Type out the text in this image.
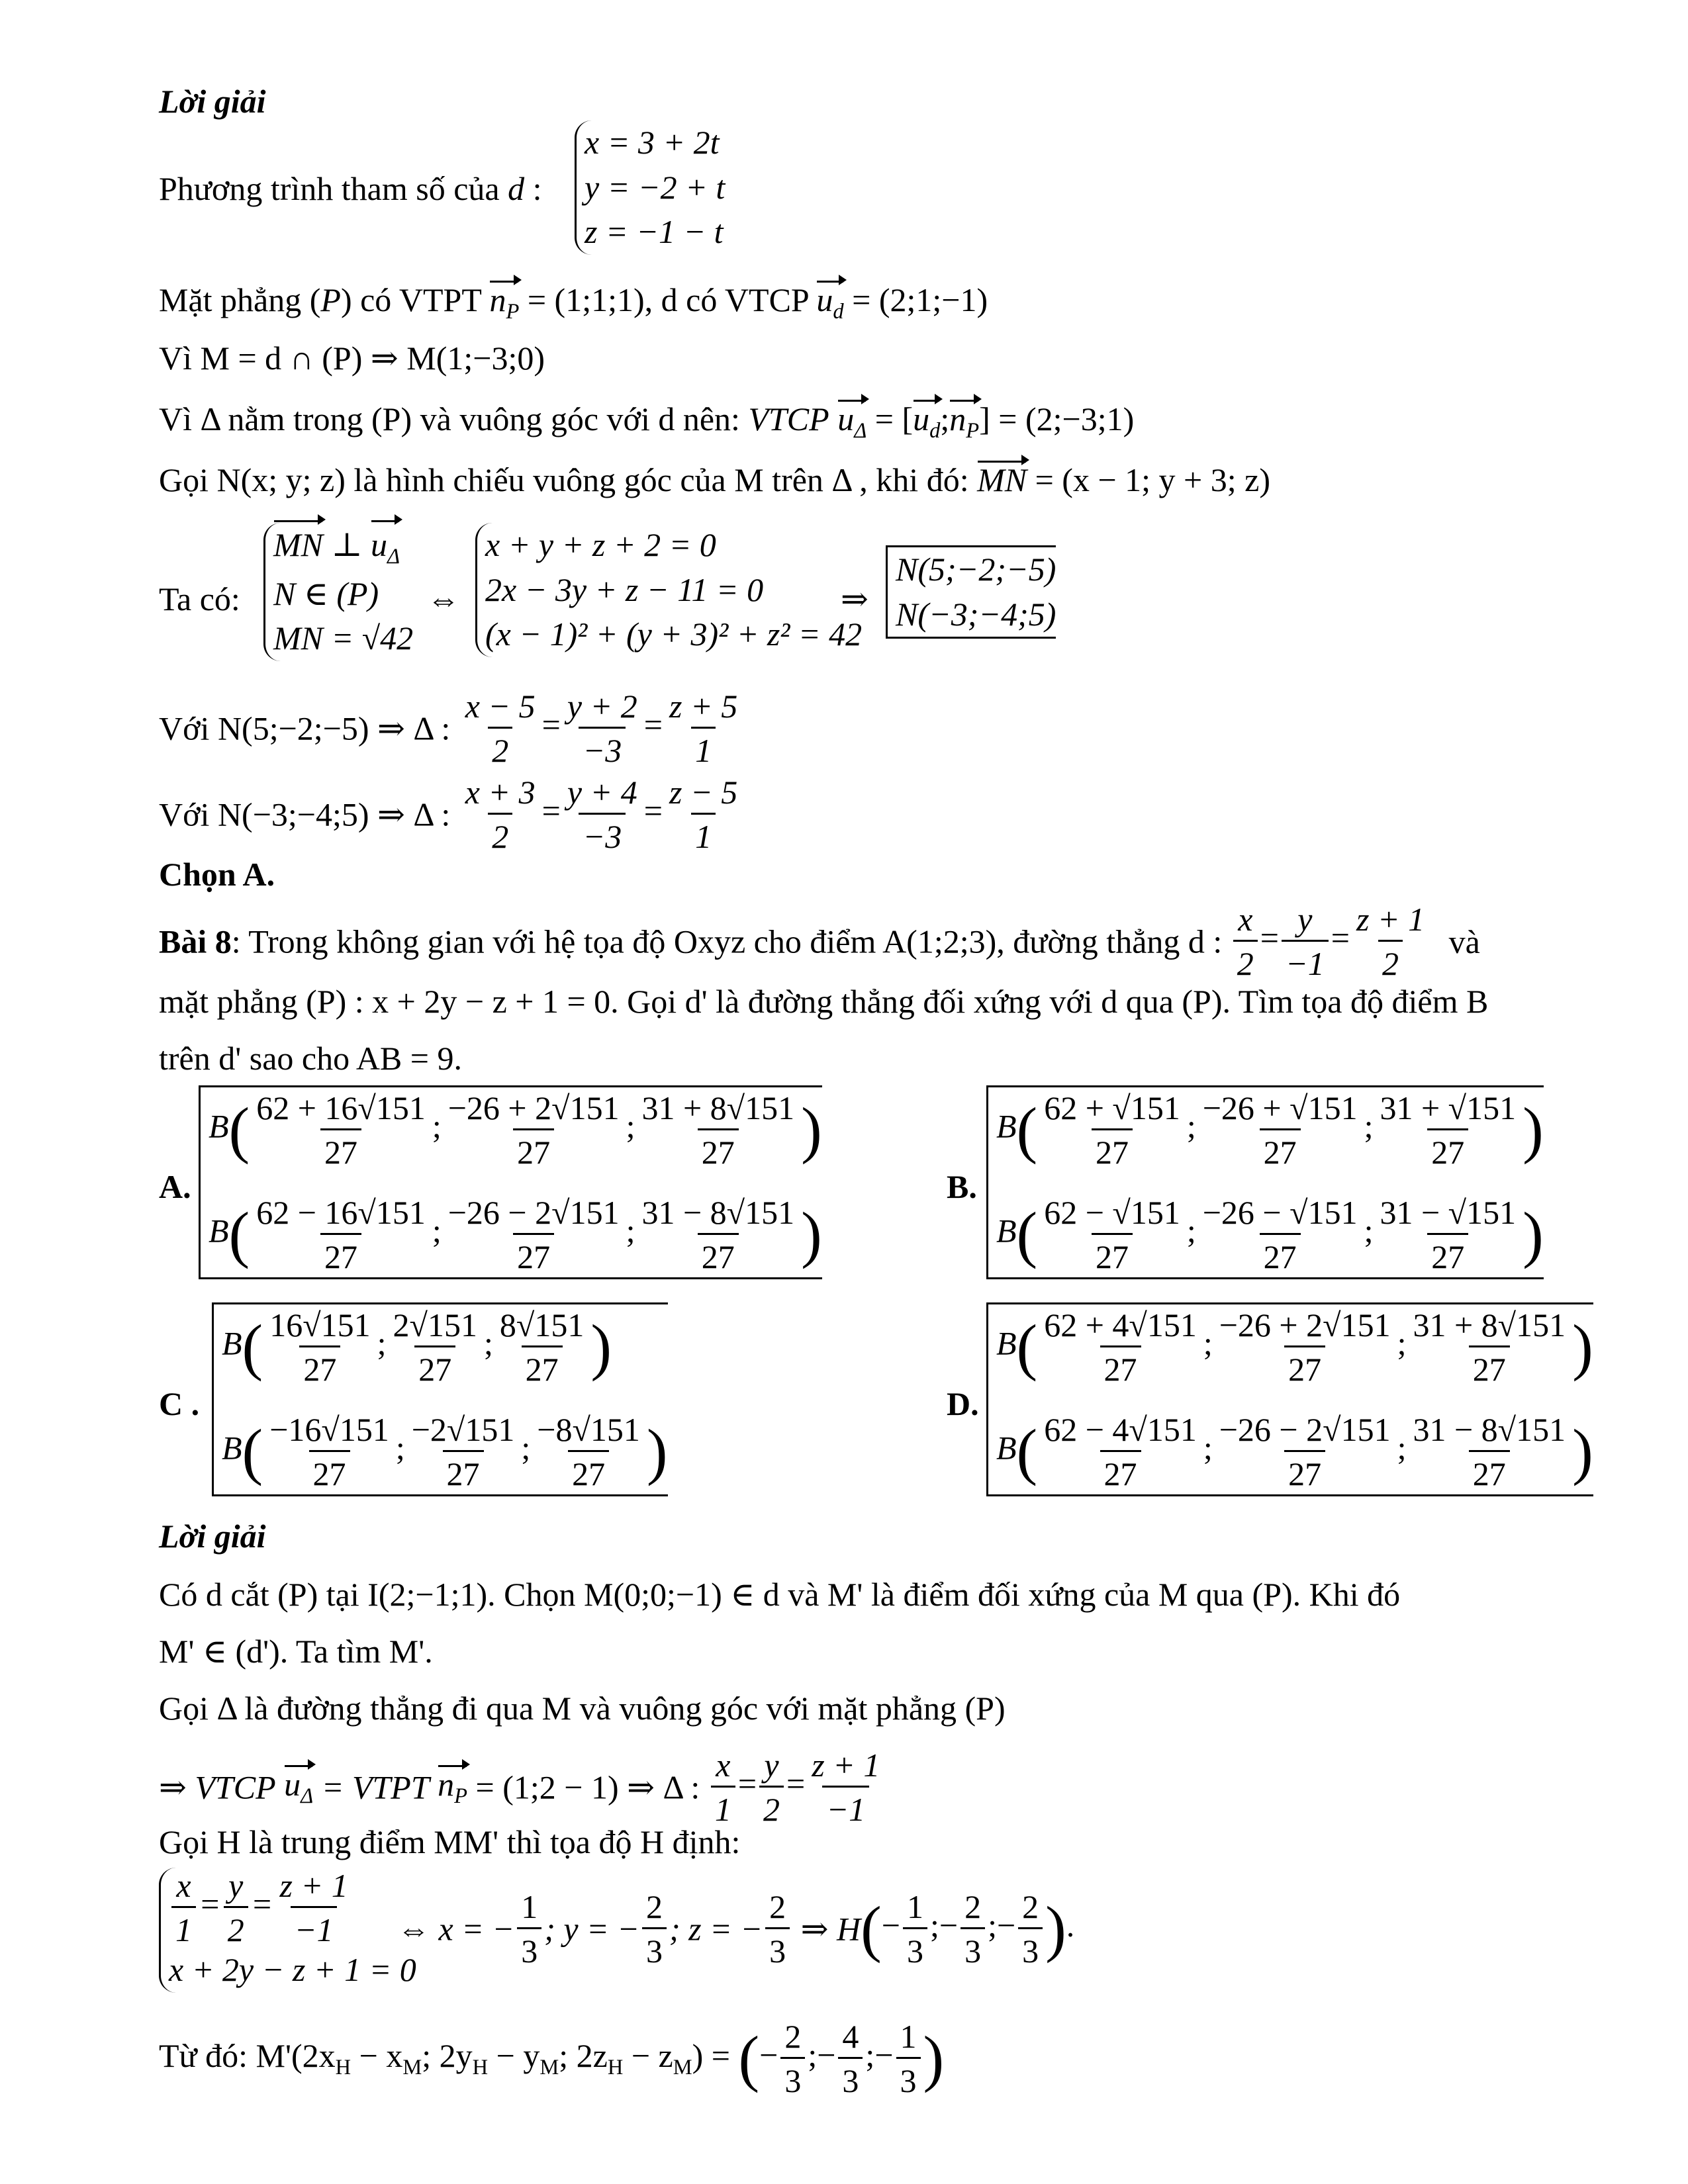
Lời giải
Phương trình tham số của d :
x = 3 + 2t
y = −2 + t
z = −1 − t
Mặt phẳng (P) có VTPT $n_P$ = (1;1;1), d có VTCP $u_d$ = (2;1;−1)
Vì M = d ∩ (P) ⇒ M(1;−3;0)
Vì Δ nằm trong (P) và vuông góc với d nên: VTCP $u_\Delta$ = $[u_d;n_P]$ = (2;−3;1)
Gọi N(x; y; z) là hình chiếu vuông góc của M trên Δ , khi đó: MN = (x − 1; y + 3; z)
Ta có:
MN ⊥ $u_\Delta$
N ∈ (P)
MN = √42
⇔
x + y + z + 2 = 0
2x − 3y + z − 11 = 0
(x − 1)² + (y + 3)² + z² = 42
⇒
N(5;−2;−5)
N(−3;−4;5)
Với N(5;−2;−5) ⇒ Δ : $\frac{x - 5}{2} = \frac{y + 2}{-3} = \frac{z + 5}{1}$
Với N(−3;−4;5) ⇒ Δ : $\frac{x + 3}{2} = \frac{y + 4}{-3} = \frac{z - 5}{1}$
Chọn A.
Bài 8: Trong không gian với hệ tọa độ Oxyz cho điểm A(1;2;3), đường thẳng d : $\frac{x}{2} = \frac{y}{-1} = \frac{z + 1}{2}$ và
mặt phẳng (P) : x + 2y − z + 1 = 0. Gọi d' là đường thẳng đối xứng với d qua (P). Tìm tọa độ điểm B
trên d' sao cho AB = 9.
A.
$B( \frac{62 + 16√151}{27}$ ; $\frac{-26 + 2√151}{27}$ ; $\frac{31 + 8√151}{27}$ )
$B( \frac{62 - 16√151}{27}$ ; $\frac{-26 - 2√151}{27}$ ; $\frac{31 - 8√151}{27}$ )
B.
$B( \frac{62 + √151}{27}$ ; $\frac{-26 + √151}{27}$ ; $\frac{31 + √151}{27}$ )
$B( \frac{62 - √151}{27}$ ; $\frac{-26 - √151}{27}$ ; $\frac{31 - √151}{27}$ )
C .
$B( \frac{16√151}{27}$ ; $\frac{2√151}{27}$ ; $\frac{8√151}{27}$ )
$B( \frac{-16√151}{27}$ ; $\frac{-2√151}{27}$ ; $\frac{-8√151}{27}$ )
D.
$B( \frac{62 + 4√151}{27}$ ; $\frac{-26 + 2√151}{27}$ ; $\frac{31 + 8√151}{27}$ )
$B( \frac{62 - 4√151}{27}$ ; $\frac{-26 - 2√151}{27}$ ; $\frac{31 - 8√151}{27}$ )
Lời giải
Có d cắt (P) tại I(2;−1;1). Chọn M(0;0;−1) ∈ d và M' là điểm đối xứng của M qua (P). Khi đó
M' ∈ (d'). Ta tìm M'.
Gọi Δ là đường thẳng đi qua M và vuông góc với mặt phẳng (P)
⇒ VTCP $u_\Delta$ = VTPT $n_P$ = (1;2 − 1) ⇒ Δ : $\frac{x}{1} = \frac{y}{2} = \frac{z + 1}{-1}$
Gọi H là trung điểm MM' thì tọa độ H định:
$\frac{x}{1} = \frac{y}{2} = \frac{z + 1}{-1}$
x + 2y − z + 1 = 0
⇔ x = − $\frac{1}{3}$ ; y = − $\frac{2}{3}$ ; z = − $\frac{2}{3}$ ⇒ $H(- \frac{1}{3}$ ;− $\frac{2}{3}$ ;− $\frac{2}{3}$ ).
Từ đó: $M'(2x_H - x_M$; $2y_H - y_M$; $2z_H - z_M$) = (− $\frac{2}{3}$ ;− $\frac{4}{3}$ ;− $\frac{1}{3}$ )
